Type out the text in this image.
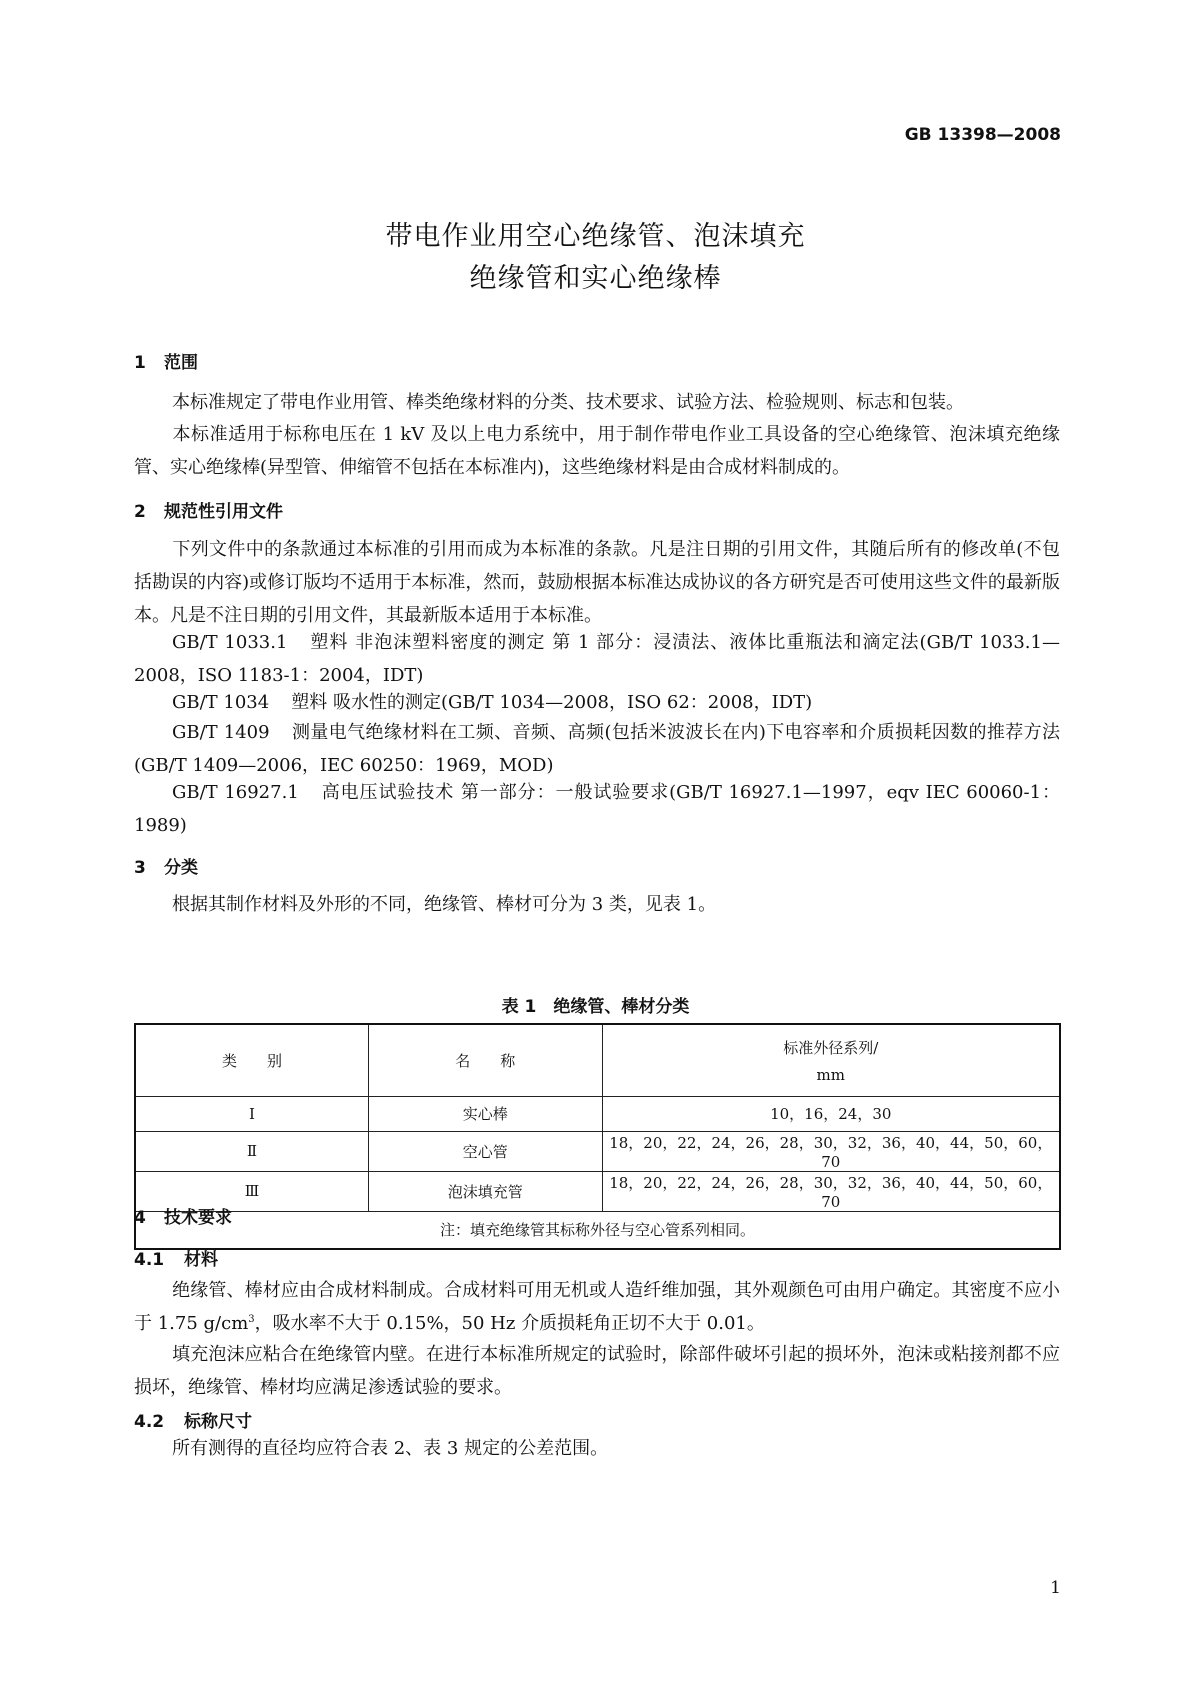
GB 13398—2008
带电作业用空心绝缘管、泡沫填充
绝缘管和实心绝缘棒
1 范围
本标准规定了带电作业用管、棒类绝缘材料的分类、技术要求、试验方法、检验规则、标志和包装。
本标准适用于标称电压在 1 kV 及以上电力系统中，用于制作带电作业工具设备的空心绝缘管、泡沫填充绝缘管、实心绝缘棒(异型管、伸缩管不包括在本标准内)，这些绝缘材料是由合成材料制成的。
2 规范性引用文件
下列文件中的条款通过本标准的引用而成为本标准的条款。凡是注日期的引用文件，其随后所有的修改单(不包括勘误的内容)或修订版均不适用于本标准，然而，鼓励根据本标准达成协议的各方研究是否可使用这些文件的最新版本。凡是不注日期的引用文件，其最新版本适用于本标准。
GB/T 1033.1 塑料 非泡沫塑料密度的测定 第 1 部分：浸渍法、液体比重瓶法和滴定法(GB/T 1033.1—2008，ISO 1183-1：2004，IDT)
GB/T 1034 塑料 吸水性的测定(GB/T 1034—2008，ISO 62：2008，IDT)
GB/T 1409 测量电气绝缘材料在工频、音频、高频(包括米波波长在内)下电容率和介质损耗因数的推荐方法(GB/T 1409—2006，IEC 60250：1969，MOD)
GB/T 16927.1 高电压试验技术 第一部分：一般试验要求(GB/T 16927.1—1997，eqv IEC 60060-1：1989)
3 分类
根据其制作材料及外形的不同，绝缘管、棒材可分为 3 类，见表 1。
表 1　绝缘管、棒材分类
类　　别	名　　称	标准外径系列/
mm

Ⅰ	实心棒	10，16，24，30
Ⅱ	空心管	18，20，22，24，26，28，30，32，36，40，44，50，60，70
Ⅲ	泡沫填充管	18，20，22，24，26，28，30，32，36，40，44，50，60，70
注：填充绝缘管其标称外径与空心管系列相同。		
4 技术要求
4.1 材料
绝缘管、棒材应由合成材料制成。合成材料可用无机或人造纤维加强，其外观颜色可由用户确定。其密度不应小于 1.75 $g/cm^3$，吸水率不大于 0.15%，50 Hz 介质损耗角正切不大于 0.01。
填充泡沫应粘合在绝缘管内壁。在进行本标准所规定的试验时，除部件破坏引起的损坏外，泡沫或粘接剂都不应损坏，绝缘管、棒材均应满足渗透试验的要求。
4.2 标称尺寸
所有测得的直径均应符合表 2、表 3 规定的公差范围。
1
